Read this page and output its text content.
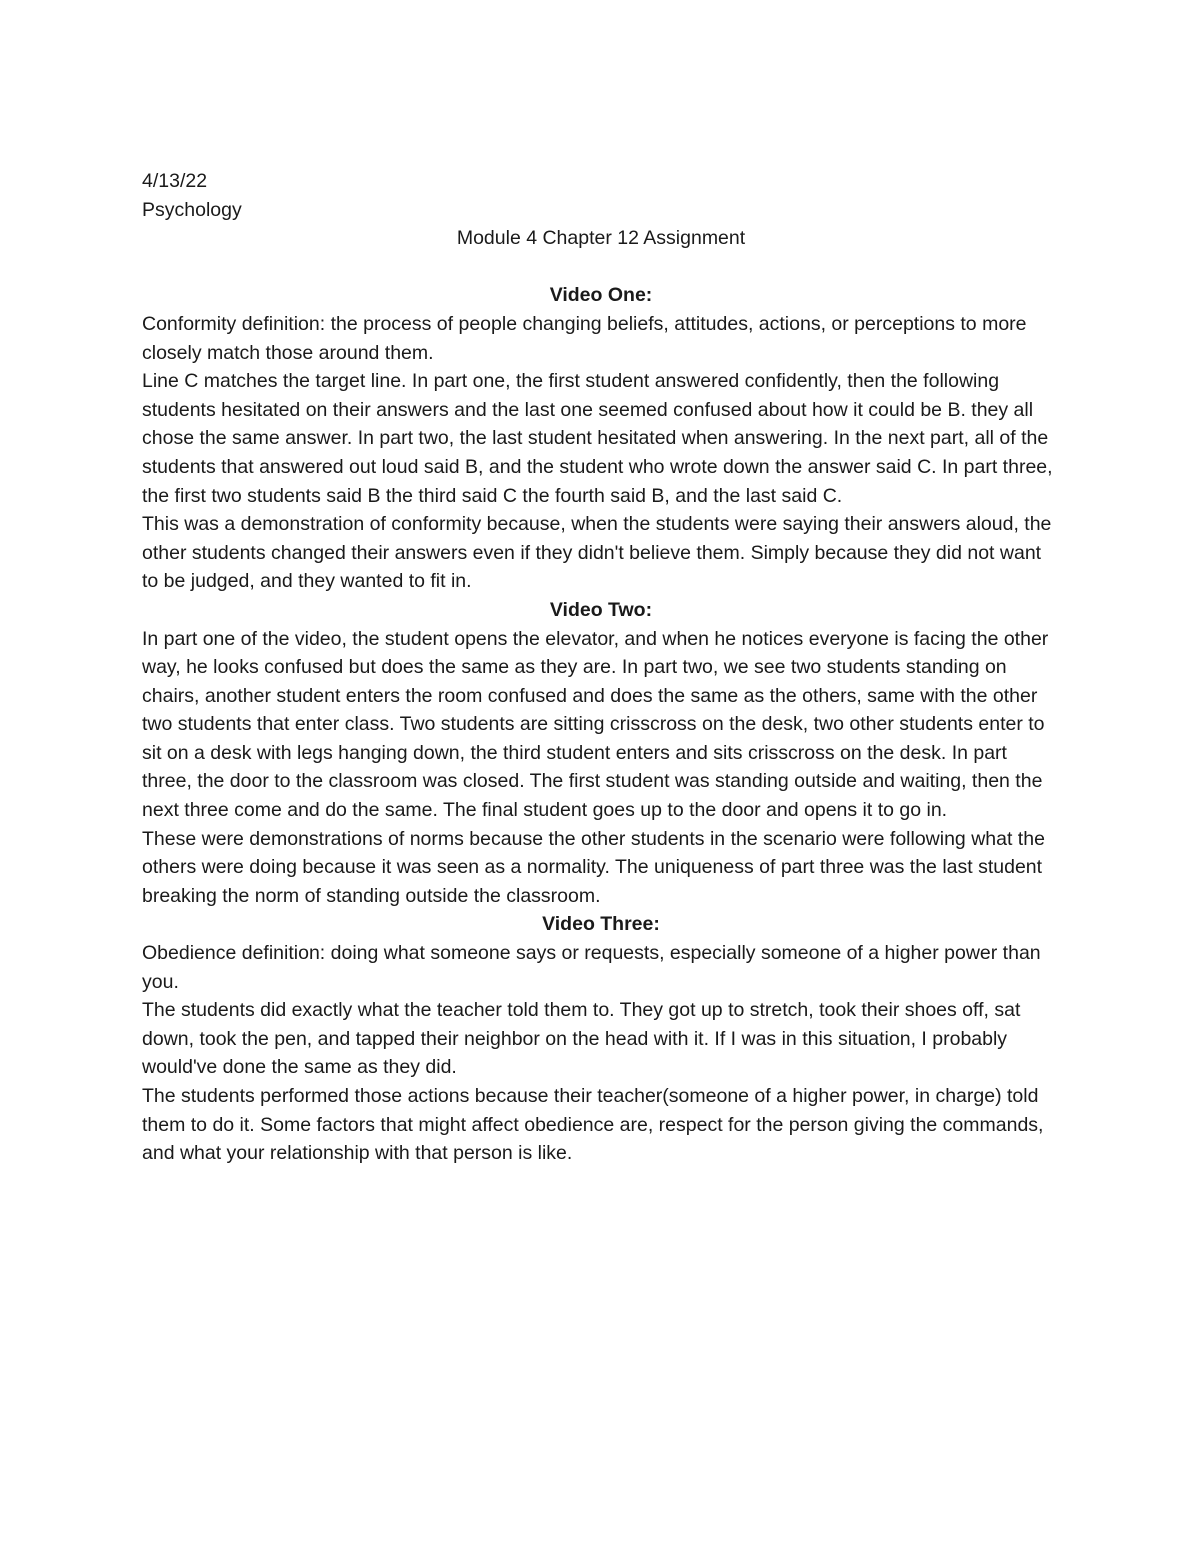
4/13/22

Psychology

Module 4 Chapter 12 Assignment

Video One:

Conformity definition: the process of people changing beliefs, attitudes, actions, or perceptions to more closely match those around them.

Line C matches the target line. In part one, the first student answered confidently, then the following students hesitated on their answers and the last one seemed confused about how it could be B. they all chose the same answer. In part two, the last student hesitated when answering. In the next part, all of the students that answered out loud said B, and the student who wrote down the answer said C. In part three, the first two students said B the third said C the fourth said B, and the last said C.

This was a demonstration of conformity because, when the students were saying their answers aloud, the other students changed their answers even if they didn't believe them. Simply because they did not want to be judged, and they wanted to fit in.

Video Two:

In part one of the video, the student opens the elevator, and when he notices everyone is facing the other way, he looks confused but does the same as they are. In part two, we see two students standing on chairs, another student enters the room confused and does the same as the others, same with the other two students that enter class. Two students are sitting crisscross on the desk, two other students enter to sit on a desk with legs hanging down, the third student enters and sits crisscross on the desk. In part three, the door to the classroom was closed. The first student was standing outside and waiting, then the next three come and do the same. The final student goes up to the door and opens it to go in.

These were demonstrations of norms because the other students in the scenario were following what the others were doing because it was seen as a normality. The uniqueness of part three was the last student breaking the norm of standing outside the classroom.

Video Three:

Obedience definition: doing what someone says or requests, especially someone of a higher power than you.

The students did exactly what the teacher told them to. They got up to stretch, took their shoes off, sat down, took the pen, and tapped their neighbor on the head with it. If I was in this situation, I probably would've done the same as they did.

The students performed those actions because their teacher(someone of a higher power, in charge) told them to do it. Some factors that might affect obedience are, respect for the person giving the commands, and what your relationship with that person is like.
